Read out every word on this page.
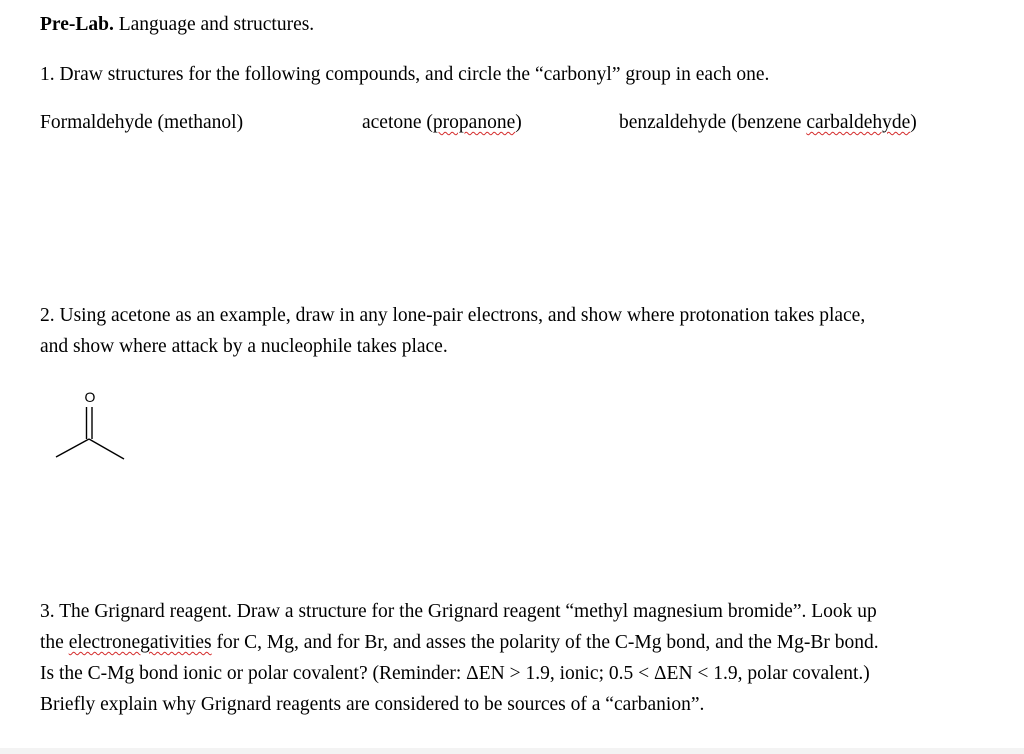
Pre-Lab. Language and structures.
1. Draw structures for the following compounds, and circle the “carbonyl” group in each one.
Formaldehyde (methanol)	acetone (propanone)	benzaldehyde (benzene carbaldehyde)
2. Using acetone as an example, draw in any lone-pair electrons, and show where protonation takes place,
and show where attack by a nucleophile takes place.
O
3. The Grignard reagent. Draw a structure for the Grignard reagent “methyl magnesium bromide”. Look up
the electronegativities for C, Mg, and for Br, and asses the polarity of the C-Mg bond, and the Mg-Br bond.
Is the C-Mg bond ionic or polar covalent? (Reminder: ΔEN > 1.9, ionic; 0.5 < ΔEN < 1.9, polar covalent.)
Briefly explain why Grignard reagents are considered to be sources of a “carbanion”.
